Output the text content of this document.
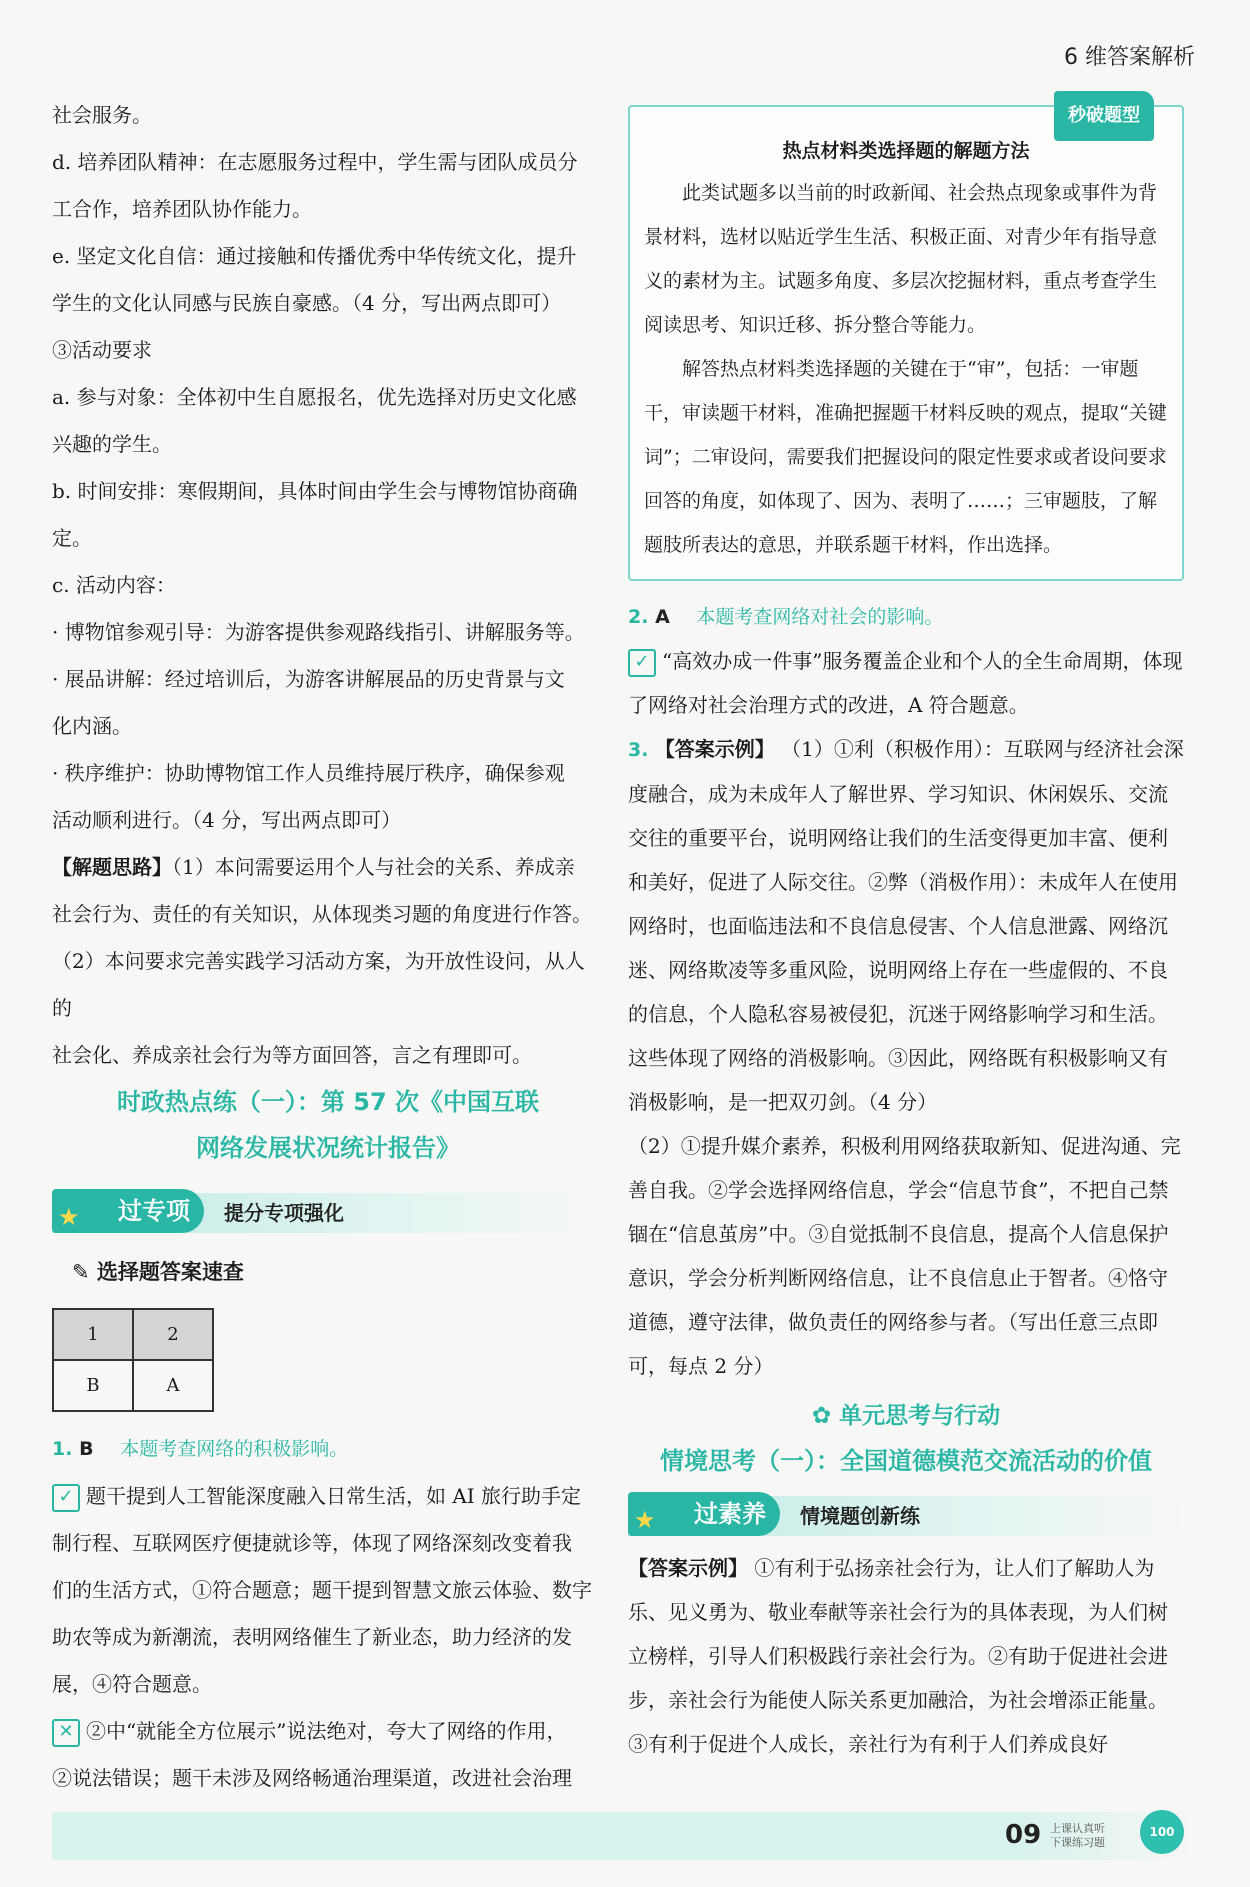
6 维答案解析

社会服务。

d. 培养团队精神：在志愿服务过程中，学生需与团队成员分

工合作，培养团队协作能力。

e. 坚定文化自信：通过接触和传播优秀中华传统文化，提升

学生的文化认同感与民族自豪感。（4 分，写出两点即可）

③活动要求

a. 参与对象：全体初中生自愿报名，优先选择对历史文化感

兴趣的学生。

b. 时间安排：寒假期间，具体时间由学生会与博物馆协商确定。

c. 活动内容：

· 博物馆参观引导：为游客提供参观路线指引、讲解服务等。

· 展品讲解：经过培训后，为游客讲解展品的历史背景与文

化内涵。

· 秩序维护：协助博物馆工作人员维持展厅秩序，确保参观

活动顺利进行。（4 分，写出两点即可）

【解题思路】（1）本问需要运用个人与社会的关系、养成亲

社会行为、责任的有关知识，从体现类习题的角度进行作答。

（2）本问要求完善实践学习活动方案，为开放性设问，从人的

社会化、养成亲社会行为等方面回答，言之有理即可。

时政热点练（一）：第 57 次《中国互联
网络发展状况统计报告》
★ 过专项	提分专项强化
✎ 选择题答案速查
1	2
B	A

1. B 本题考查网络的积极影响。

✓ 题干提到人工智能深度融入日常生活，如 AI 旅行助手定

制行程、互联网医疗便捷就诊等，体现了网络深刻改变着我

们的生活方式，①符合题意；题干提到智慧文旅云体验、数字

助农等成为新潮流，表明网络催生了新业态，助力经济的发

展，④符合题意。

✕ ②中“就能全方位展示”说法绝对，夸大了网络的作用，

②说法错误；题干未涉及网络畅通治理渠道，改进社会治理

秒破题型
热点材料类选择题的解题方法

此类试题多以当前的时政新闻、社会热点现象或事件为背景材料，选材以贴近学生生活、积极正面、对青少年有指导意义的素材为主。试题多角度、多层次挖掘材料，重点考查学生阅读思考、知识迁移、拆分整合等能力。

解答热点材料类选择题的关键在于“审”，包括：一审题干，审读题干材料，准确把握题干材料反映的观点，提取“关键词”；二审设问，需要我们把握设问的限定性要求或者设问要求回答的角度，如体现了、因为、表明了……；三审题肢，了解题肢所表达的意思，并联系题干材料，作出选择。

2. A 本题考查网络对社会的影响。

✓ “高效办成一件事”服务覆盖企业和个人的全生命周期，体现了网络对社会治理方式的改进，A 符合题意。

3. 【答案示例】 （1）①利（积极作用）：互联网与经济社会深度融合，成为未成年人了解世界、学习知识、休闲娱乐、交流交往的重要平台，说明网络让我们的生活变得更加丰富、便利和美好，促进了人际交往。②弊（消极作用）：未成年人在使用网络时，也面临违法和不良信息侵害、个人信息泄露、网络沉迷、网络欺凌等多重风险，说明网络上存在一些虚假的、不良的信息，个人隐私容易被侵犯，沉迷于网络影响学习和生活。这些体现了网络的消极影响。③因此，网络既有积极影响又有消极影响，是一把双刃剑。（4 分）

（2）①提升媒介素养，积极利用网络获取新知、促进沟通、完善自我。②学会选择网络信息，学会“信息节食”，不把自己禁锢在“信息茧房”中。③自觉抵制不良信息，提高个人信息保护意识，学会分析判断网络信息，让不良信息止于智者。④恪守道德，遵守法律，做负责任的网络参与者。（写出任意三点即可，每点 2 分）

✿ 单元思考与行动
情境思考（一）：全国道德模范交流活动的价值
★ 过素养	情境题创新练

【答案示例】 ①有利于弘扬亲社会行为，让人们了解助人为乐、见义勇为、敬业奉献等亲社会行为的具体表现，为人们树立榜样，引导人们积极践行亲社会行为。②有助于促进社会进步，亲社会行为能使人际关系更加融洽，为社会增添正能量。③有利于促进个人成长，亲社行为有利于人们养成良好

09 上课认真听
下课练习题
100
